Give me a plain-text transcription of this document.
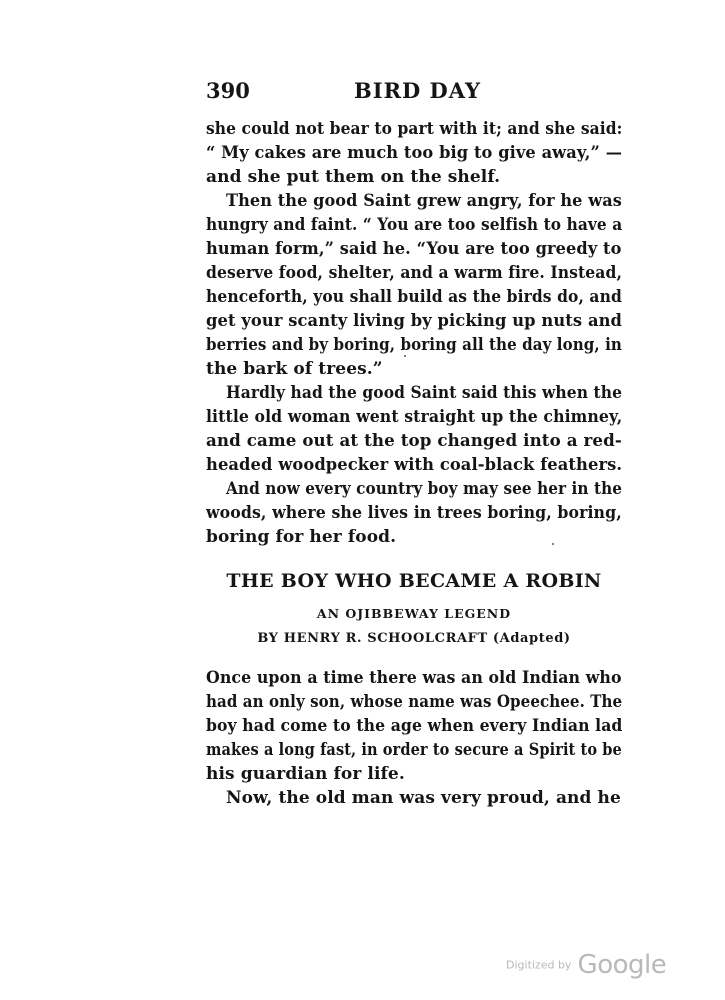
390	BIRD DAY
she could not bear to part with it; and she said:
“ My cakes are much too big to give away,” —
and she put them on the shelf.
Then the good Saint grew angry, for he was
hungry and faint. “ You are too selfish to have a
human form,” said he. “You are too greedy to
deserve food, shelter, and a warm fire. Instead,
henceforth, you shall build as the birds do, and
get your scanty living by picking up nuts and
berries and by boring, boring all the day long, in
the bark of trees.”
Hardly had the good Saint said this when the
little old woman went straight up the chimney,
and came out at the top changed into a red-
headed woodpecker with coal-black feathers.
And now every country boy may see her in the
woods, where she lives in trees boring, boring,
boring for her food.
THE BOY WHO BECAME A ROBIN
AN OJIBBEWAY LEGEND
BY HENRY R. SCHOOLCRAFT (Adapted)
Once upon a time there was an old Indian who
had an only son, whose name was Opeechee. The
boy had come to the age when every Indian lad
makes a long fast, in order to secure a Spirit to be
his guardian for life.
Now, the old man was very proud, and he
Digitized by Google
